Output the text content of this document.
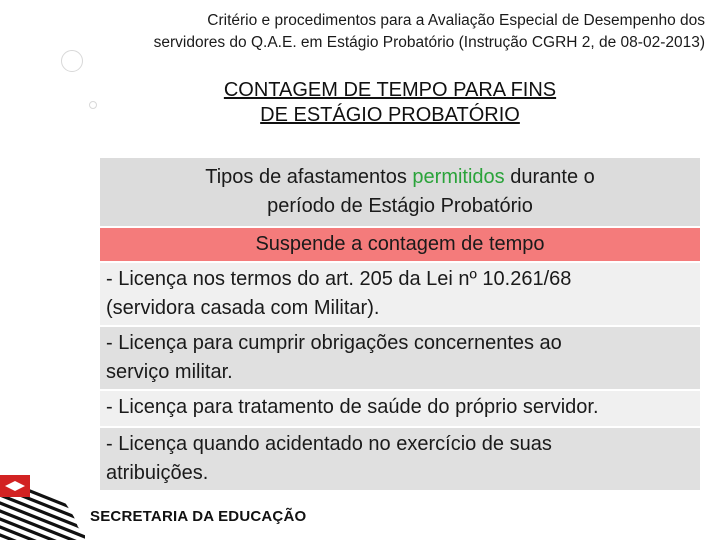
Critério e procedimentos para a Avaliação Especial de Desempenho dos
servidores do Q.A.E. em Estágio Probatório (Instrução CGRH 2, de 08-02-2013)
CONTAGEM DE TEMPO PARA FINS
DE ESTÁGIO PROBATÓRIO
Tipos de afastamentos permitidos durante o
período de Estágio Probatório
Suspende a contagem de tempo
- Licença nos termos do art. 205 da Lei nº 10.261/68
(servidora casada com Militar).
- Licença para cumprir obrigações concernentes ao
serviço militar.
- Licença para tratamento de saúde do próprio servidor.
- Licença quando acidentado no exercício de suas
atribuições.
SECRETARIA DA EDUCAÇÃO
